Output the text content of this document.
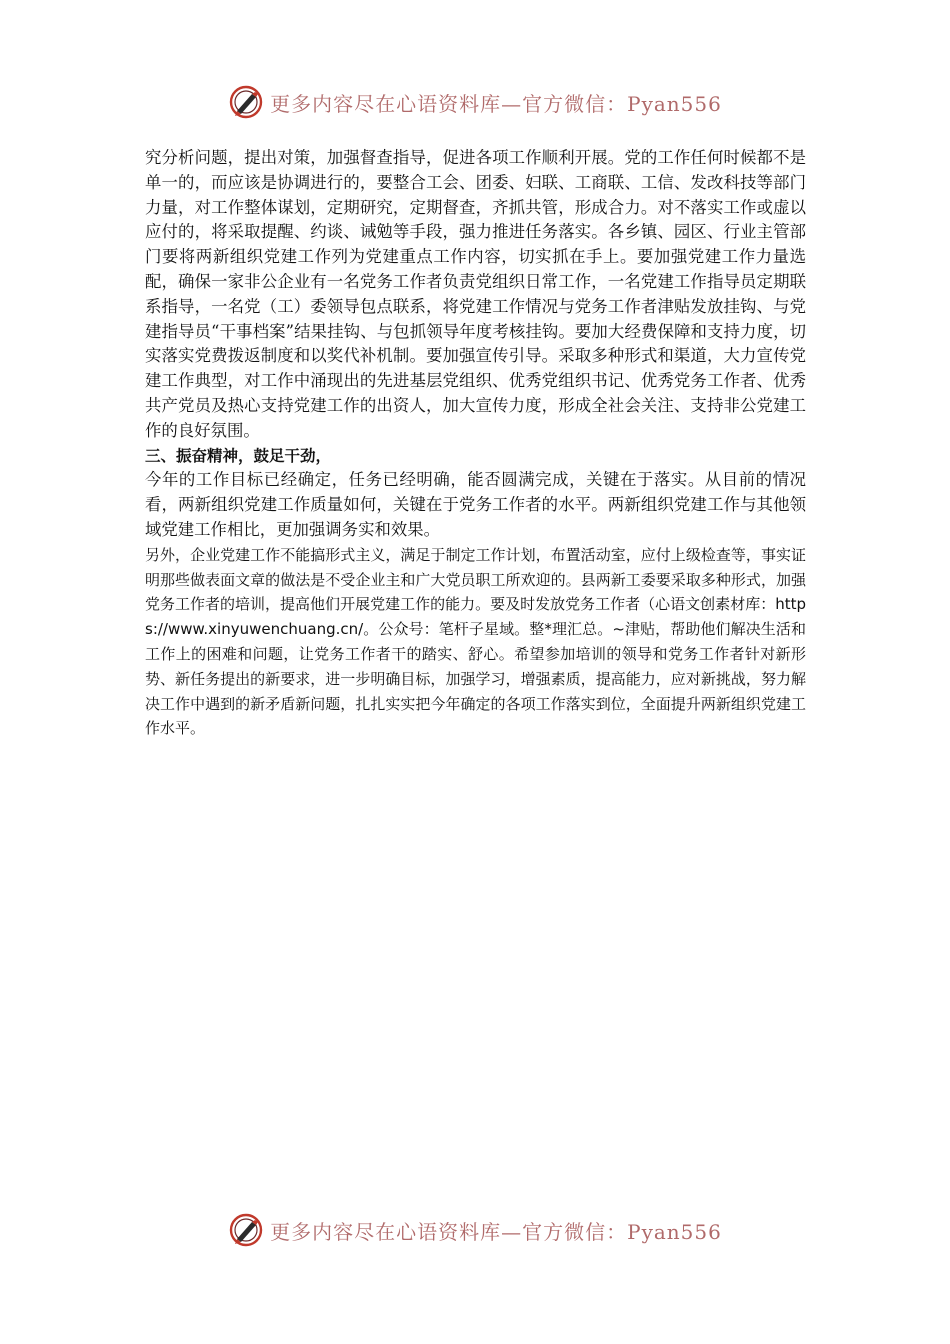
更多内容尽在心语资料库—官方微信：Pyan556

究分析问题，提出对策，加强督查指导，促进各项工作顺利开展。党的工作任何时候都不是单一的，而应该是协调进行的，要整合工会、团委、妇联、工商联、工信、发改科技等部门力量，对工作整体谋划，定期研究，定期督查，齐抓共管，形成合力。对不落实工作或虚以应付的，将采取提醒、约谈、诫勉等手段，强力推进任务落实。各乡镇、园区、行业主管部门要将两新组织党建工作列为党建重点工作内容，切实抓在手上。要加强党建工作力量选配，确保一家非公企业有一名党务工作者负责党组织日常工作，一名党建工作指导员定期联系指导，一名党（工）委领导包点联系，将党建工作情况与党务工作者津贴发放挂钩、与党建指导员“干事档案”结果挂钩、与包抓领导年度考核挂钩。要加大经费保障和支持力度，切实落实党费拨返制度和以奖代补机制。要加强宣传引导。采取多种形式和渠道，大力宣传党建工作典型，对工作中涌现出的先进基层党组织、优秀党组织书记、优秀党务工作者、优秀共产党员及热心支持党建工作的出资人，加大宣传力度，形成全社会关注、支持非公党建工作的良好氛围。

三、振奋精神，鼓足干劲，

今年的工作目标已经确定，任务已经明确，能否圆满完成，关键在于落实。从目前的情况看，两新组织党建工作质量如何，关键在于党务工作者的水平。两新组织党建工作与其他领域党建工作相比，更加强调务实和效果。

另外，企业党建工作不能搞形式主义，满足于制定工作计划，布置活动室，应付上级检查等，事实证明那些做表面文章的做法是不受企业主和广大党员职工所欢迎的。县两新工委要采取多种形式，加强党务工作者的培训，提高他们开展党建工作的能力。要及时发放党务工作者（心语文创素材库：https://www.xinyuwenchuang.cn/。公众号：笔杆子星域。整*理汇总。~津贴，帮助他们解决生活和工作上的困难和问题，让党务工作者干的踏实、舒心。希望参加培训的领导和党务工作者针对新形势、新任务提出的新要求，进一步明确目标，加强学习，增强素质，提高能力，应对新挑战，努力解决工作中遇到的新矛盾新问题，扎扎实实把今年确定的各项工作落实到位，全面提升两新组织党建工作水平。

更多内容尽在心语资料库—官方微信：Pyan556
